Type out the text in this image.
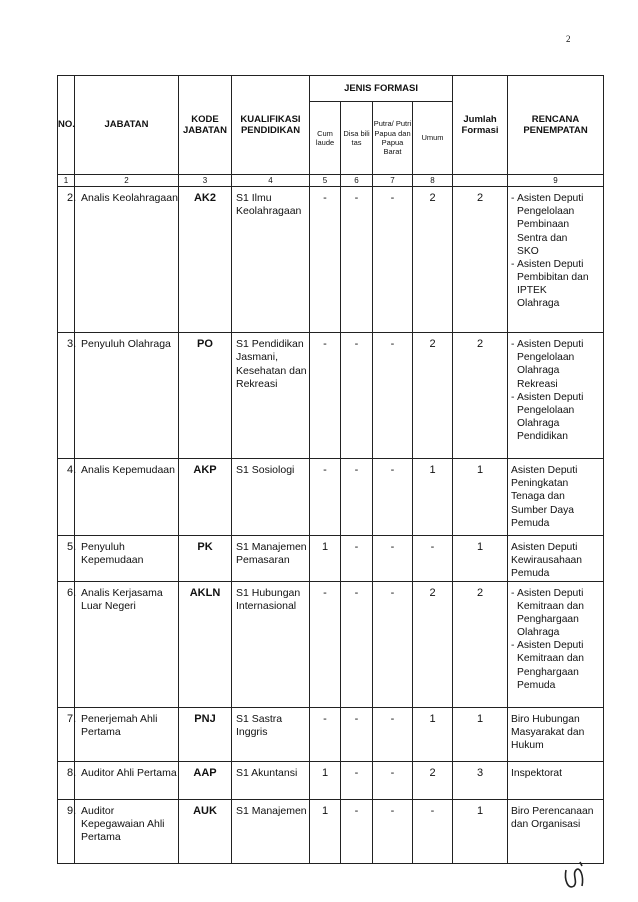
2
NO.	JABATAN	KODE JABATAN	KUALIFIKASI PENDIDIKAN	JENIS FORMASI				Jumlah Formasi	RENCANA PENEMPATAN
				Cum laude	Disa bili tas	Putra/ Putri Papua dan Papua Barat	Umum		
1	2	3	4	5	6	7	8		9
2.	Analis Keolahragaan	AK2	S1 Ilmu Keolahragaan	-	-	-	2	2	- Asisten Deputi Pengelolaan Pembinaan Sentra dan SKO
- Asisten Deputi Pembibitan dan IPTEK Olahraga

3.	Penyuluh Olahraga	PO	S1 Pendidikan Jasmani, Kesehatan dan Rekreasi	-	-	-	2	2	- Asisten Deputi Pengelolaan Olahraga Rekreasi
- Asisten Deputi Pengelolaan Olahraga Pendidikan

4.	Analis Kepemudaan	AKP	S1 Sosiologi	-	-	-	1	1	Asisten Deputi Peningkatan Tenaga dan Sumber Daya Pemuda
5.	Penyuluh Kepemudaan	PK	S1 Manajemen Pemasaran	1	-	-	-	1	Asisten Deputi Kewirausahaan Pemuda
6.	Analis Kerjasama Luar Negeri	AKLN	S1 Hubungan Internasional	-	-	-	2	2	- Asisten Deputi Kemitraan dan Penghargaan Olahraga
- Asisten Deputi Kemitraan dan Penghargaan Pemuda

7.	Penerjemah Ahli Pertama	PNJ	S1 Sastra Inggris	-	-	-	1	1	Biro Hubungan Masyarakat dan Hukum
8.	Auditor Ahli Pertama	AAP	S1 Akuntansi	1	-	-	2	3	Inspektorat
9.	Auditor Kepegawaian Ahli Pertama	AUK	S1 Manajemen	1	-	-	-	1	Biro Perencanaan dan Organisasi
